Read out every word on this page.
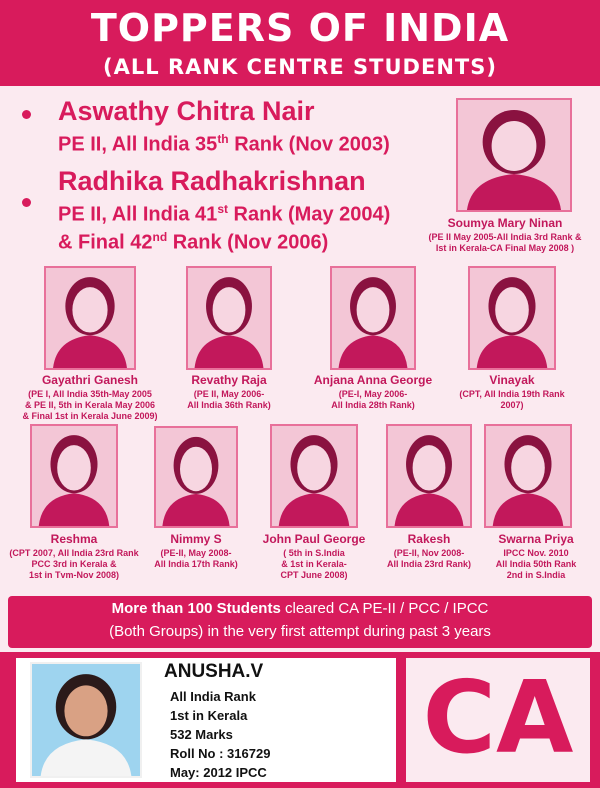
TOPPERS OF INDIA
(ALL RANK CENTRE STUDENTS)
Aswathy Chitra Nair
PE II, All India 35th Rank (Nov 2003)
Radhika Radhakrishnan
PE II, All India 41st Rank (May 2004)
& Final 42nd Rank (Nov 2006)
Soumya Mary Ninan
(PE II May 2005-All India 3rd Rank &
Ist in Kerala-CA Final May 2008 )
Gayathri Ganesh
(PE I, All India 35th-May 2005
& PE II, 5th in Kerala May 2006
& Final 1st in Kerala June 2009)
Revathy Raja
(PE II, May 2006-
All India 36th Rank)
Anjana Anna George
(PE-I, May 2006-
All India 28th Rank)
Vinayak
(CPT, All India 19th Rank
2007)
Reshma
(CPT 2007, All India 23rd Rank
PCC 3rd in Kerala &
1st in Tvm-Nov 2008)
Nimmy S
(PE-II, May 2008-
All India 17th Rank)
John Paul George
( 5th in S.India
& 1st in Kerala-
CPT June 2008)
Rakesh
(PE-II, Nov 2008-
All India 23rd Rank)
Swarna Priya
IPCC Nov. 2010
All India 50th Rank
2nd in S.India
More than 100 Students cleared CA PE-II / PCC / IPCC
(Both Groups) in the very first attempt during past 3 years
ANUSHA.V
All India Rank
1st in Kerala
532 Marks
Roll No : 316729
May: 2012 IPCC CA
